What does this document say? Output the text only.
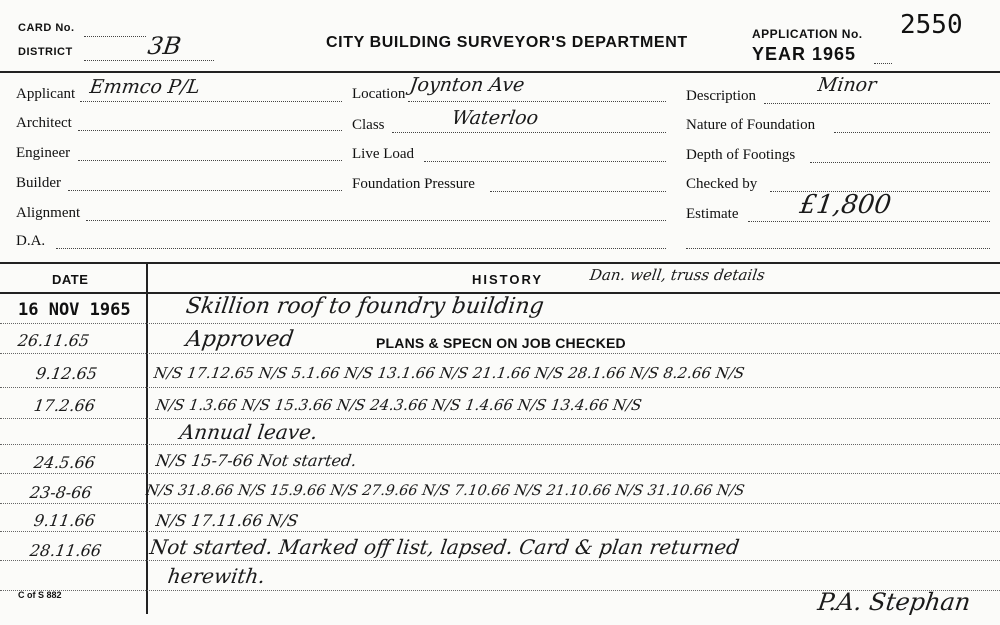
CARD No.
DISTRICT	3B	CITY BUILDING SURVEYOR'S DEPARTMENT	APPLICATION No. 2550
YEAR 1965
Applicant Emmco P/L
Architect
Engineer
Builder
Alignment
D.A.
Location Joynton Ave
Class	Waterloo
Live Load
Foundation Pressure
Description	Minor
Nature of Foundation
Depth of Footings
Checked by
Estimate £1,800
DATE	HISTORY	Dan. well, truss details
16 NOV 1965 Skillion roof to foundry building
26.11.65	Approved	PLANS & SPECN ON JOB CHECKED
9.12.65	N/S 17.12.65 N/S 5.1.66 N/S 13.1.66 N/S 21.1.66 N/S 28.1.66 N/S 8.2.66 N/S
17.2.66	N/S 1.3.66 N/S 15.3.66 N/S 24.3.66 N/S 1.4.66 N/S 13.4.66 N/S
Annual leave.
24.5.66	N/S 15-7-66 Not started.
23-8-66	N/S 31.8.66 N/S 15.9.66 N/S 27.9.66 N/S 7.10.66 N/S 21.10.66 N/S 31.10.66 N/S
9.11.66	N/S 17.11.66 N/S
28.11.66 Not started. Marked off list, lapsed. Card & plan returned
herewith.
C of S 882	P.A. Stephan
